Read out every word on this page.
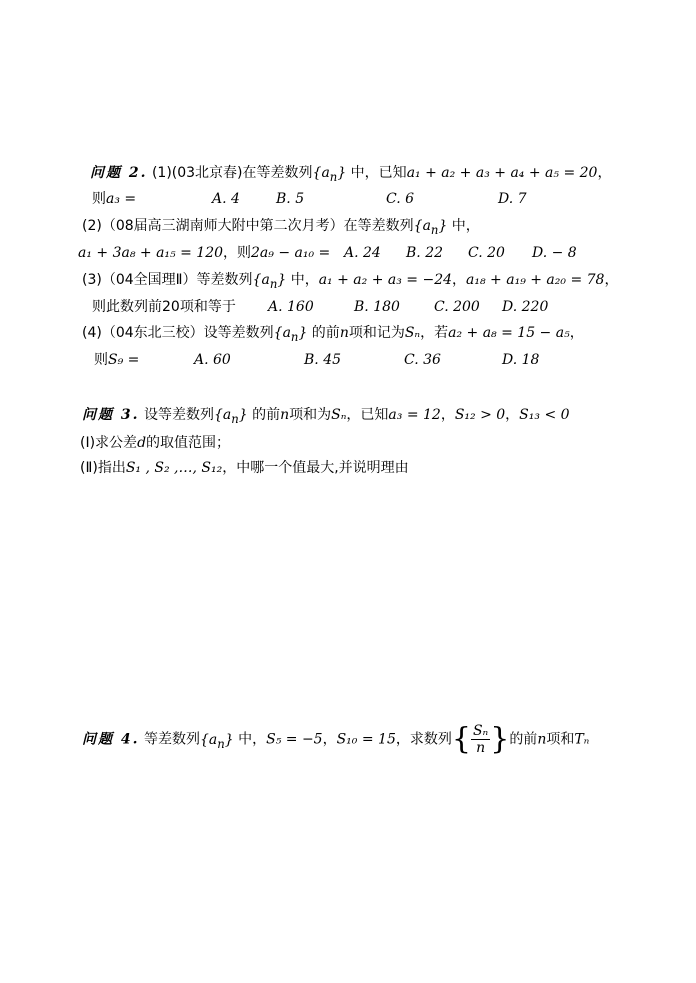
问题 2. (1)(03北京春)在等差数列$\{a_n\}$ 中，已知a₁ + a₂ + a₃ + a₄ + a₅ = 20，
则a₃ =	A. 4	B. 5	C. 6	D. 7
(2)（08届高三湖南师大附中第二次月考）在等差数列$\{a_n\}$ 中，
a₁ + 3a₈ + a₁₅ = 120，则2a₉ − a₁₀ = A. 24 B. 22 C. 20 D. − 8
(3)（04全国理Ⅱ）等差数列$\{a_n\}$ 中，a₁ + a₂ + a₃ = −24，a₁₈ + a₁₉ + a₂₀ = 78，
则此数列前20项和等于 A. 160	B. 180 C. 200 D. 220
(4)（04东北三校）设等差数列$\{a_n\}$ 的前n项和记为Sₙ，若a₂ + a₈ = 15 − a₅，
则S₉ =	A. 60	B. 45	C. 36	D. 18
问题 3. 设等差数列$\{a_n\}$ 的前n项和为Sₙ，已知a₃ = 12，S₁₂ > 0，S₁₃ < 0
(Ⅰ)求公差d的取值范围；
(Ⅱ)指出S₁ , S₂ ,…, S₁₂，中哪一个值最大,并说明理由
问题 4. 等差数列$\{a_n\}$ 中，S₅ = −5，S₁₀ = 15，求数列{ $\frac{\text{Sₙ}}{n}$ }的前n项和Tₙ
